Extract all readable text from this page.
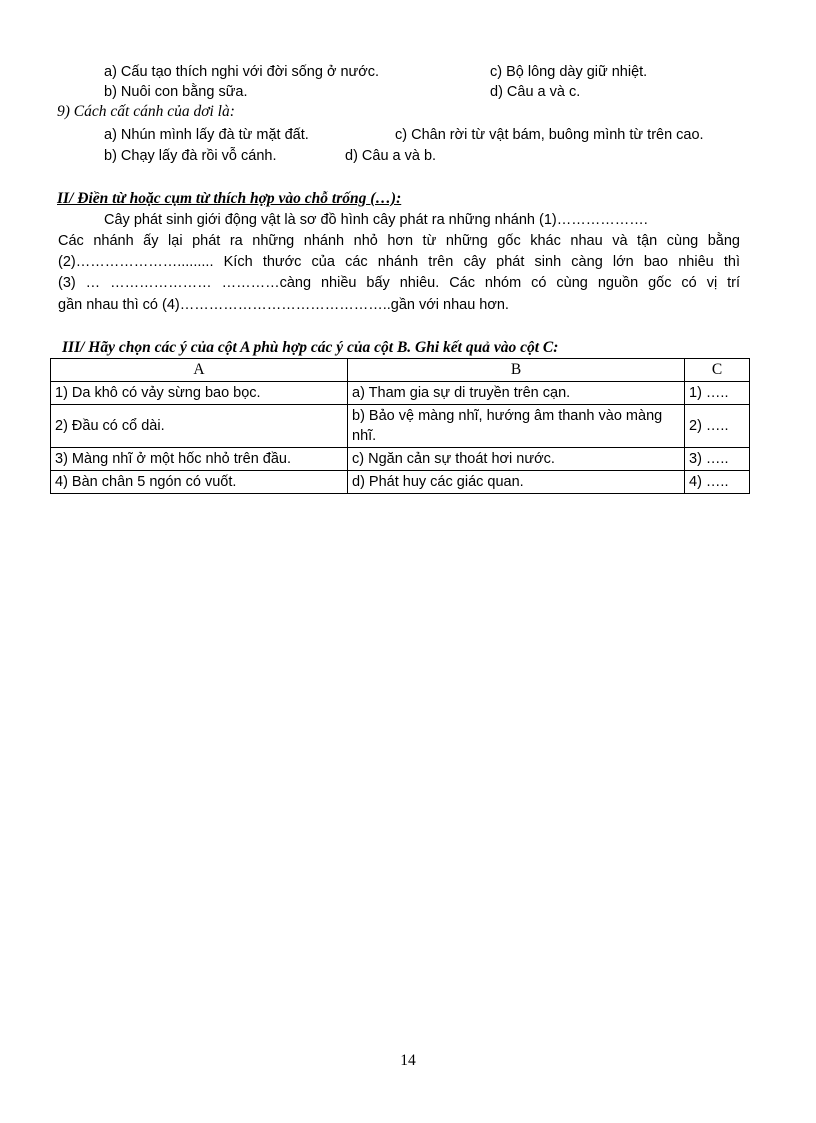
a) Cấu tạo thích nghi với đời sống ở nước.	c) Bộ lông dày giữ nhiệt.
b) Nuôi con bằng sữa.	d) Câu a và c.
9) Cách cất cánh của dơi là:
a) Nhún mình lấy đà từ mặt đất.	c) Chân rời từ vật bám, buông mình từ trên cao.
b) Chạy lấy đà rồi vỗ cánh.	d) Câu a và b.
II/ Điền từ hoặc cụm từ thích hợp vào chỗ trống (…):
Cây phát sinh giới động vật là sơ đồ hình cây phát ra những nhánh (1)……………….
Các nhánh ấy lại phát ra những nhánh nhỏ hơn từ những gốc khác nhau và tận cùng bằng
(2)…………………......... Kích thước của các nhánh trên cây phát sinh càng lớn bao nhiêu thì
(3) … ………………… …………càng nhiều bấy nhiêu. Các nhóm có cùng nguồn gốc có vị trí
gần nhau thì có (4)……………………………………..gần với nhau hơn.
III/ Hãy chọn các ý của cột A phù hợp các ý của cột B. Ghi kết quả vào cột C:
A	B	C
1) Da khô có vảy sừng bao bọc.	a) Tham gia sự di truyền trên cạn.	1) …..
2) Đầu có cổ dài.	b) Bảo vệ màng nhĩ, hướng âm thanh vào màng nhĩ.	2) …..
3) Màng nhĩ ở một hốc nhỏ trên đầu.	c) Ngăn cản sự thoát hơi nước.	3) …..
4) Bàn chân 5 ngón có vuốt.	d) Phát huy các giác quan.	4) …..
14
